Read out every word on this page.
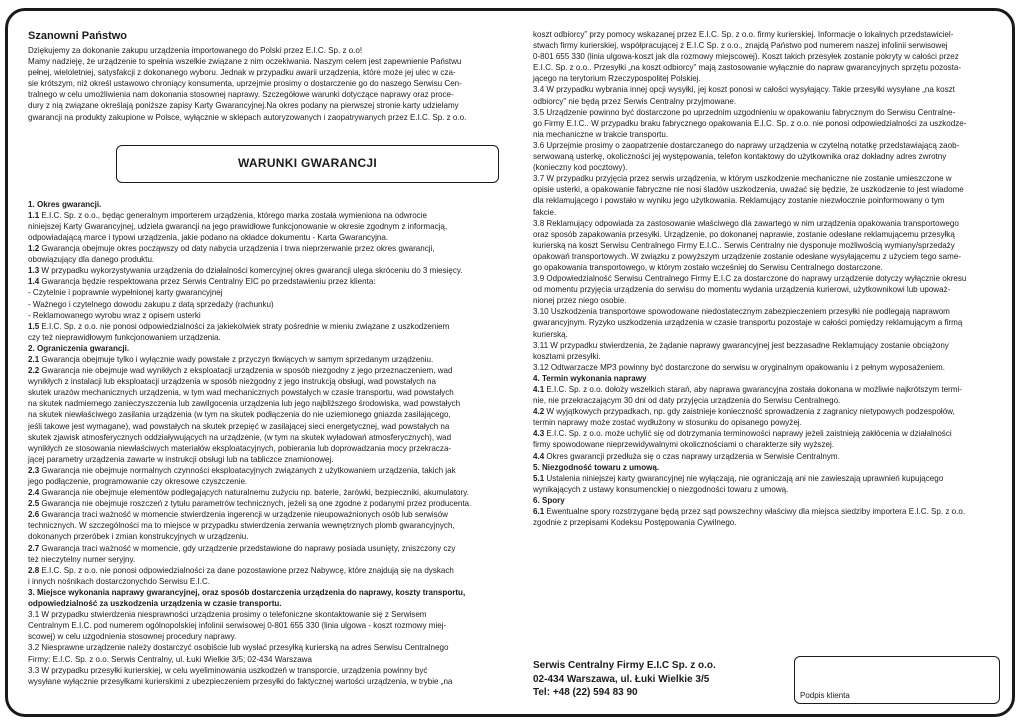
Szanowni Państwo

Dziękujemy za dokonanie zakupu urządzenia importowanego do Polski przez E.I.C. Sp. z o.o!
Mamy nadzieję, że urządzenie to spełnia wszelkie związane z nim oczekiwania. Naszym celem jest zapewnienie Państwu
pełnej, wieloletniej, satysfakcji z dokonanego wyboru. Jednak w przypadku awarii urządzenia, które może jej ulec w cza-
sie krótszym, niż określ ustawowo chroniący konsumenta, uprzejmie prosimy o dostarczenie go do naszego Serwisu Cen-
tralnego w celu umożliwienia nam dokonania stosownej naprawy. Szczegółowe warunki dotyczące naprawy oraz proce-
dury z nią związane określają poniższe zapisy Karty Gwarancyjnej.Na okres podany na pierwszej stronie karty udzielamy
gwarancji na produkty zakupione w Polsce, wyłącznie w sklepach autoryzowanych i zaopatrywanych przez E.I.C. Sp. z o.o.

WARUNKI GWARANCJI

1. Okres gwarancji.

1.1 E.I.C. Sp. z o.o., będąc generalnym importerem urządzenia, którego marka została wymieniona na odwrocie
niniejszej Karty Gwarancyjnej, udziela gwarancji na jego prawidłowe funkcjonowanie w okresie zgodnym z informacją,
odpowiadającą marce i typowi urządzenia, jakie podano na okładce dokumentu - Karta Gwarancyjna.

1.2 Gwarancja obejmuje okres począwszy od daty nabycia urządzenia i trwa nieprzerwanie przez okres gwarancji,
obowiązujący dla danego produktu.

1.3 W przypadku wykorzystywania urządzenia do działalności komercyjnej okres gwarancji ulega skróceniu do 3 miesięcy.

1.4 Gwarancja będzie respektowana przez Serwis Centralny EIC po przedstawieniu przez klienta:
- Czytelnie i poprawnie wypełnionej karty gwarancyjnej
- Ważnego i czytelnego dowodu zakupu z datą sprzedaży (rachunku)
- Reklamowanego wyrobu wraz z opisem usterki

1.5 E.I.C. Sp. z o.o. nie ponosi odpowiedzialności za jakiekolwiek straty pośrednie w mieniu związane z uszkodzeniem
czy też nieprawidłowym funkcjonowaniem urządzenia.

2. Ograniczenia gwarancji.

2.1 Gwarancja obejmuje tylko i wyłącznie wady powstałe z przyczyn tkwiących w samym sprzedanym urządzeniu.

2.2 Gwarancja nie obejmuje wad wynikłych z eksploatacji urządzenia w sposób niezgodny z jego przeznaczeniem, wad
wynikłych z instalacji lub eksploatacji urządzenia w sposób niezgodny z jego instrukcją obsługi, wad powstałych na
skutek urazów mechanicznych urządzenia, w tym wad mechanicznych powstałych w czasie transportu, wad powstałych
na skutek nadmiernego zanieczyszczenia lub zawilgocenia urządzenia lub jego najbliższego środowiska, wad powstałych
na skutek niewłaściwego zasilania urządzenia (w tym na skutek podłączenia do nie uziemionego gniazda zasilającego,
jeśli takowe jest wymagane), wad powstałych na skutek przepięć w zasilającej sieci energetycznej, wad powstałych na
skutek zjawisk atmosferycznych oddziaływujących na urządzenie, (w tym na skutek wyładowań atmosferycznych), wad
wynikłych ze stosowania niewłaściwych materiałów eksploatacyjnych, pobierania lub doprowadzania mocy przekracza-
jącej parametry urządzenia zawarte w instrukcji obsługi lub na tabliczce znamionowej.

2.3 Gwarancja nie obejmuje normalnych czynności eksploatacyjnych związanych z użytkowaniem urządzenia, takich jak
jego podłączenie, programowanie czy okresowe czyszczenie.

2.4 Gwarancja nie obejmuje elementów podlegających naturalnemu zużyciu np. baterie, żarówki, bezpieczniki, akumulatory.

2.5 Gwarancja nie obejmuje roszczeń z tytułu parametrów technicznych, jeżeli są one zgodne z podanymi przez producenta.

2.6 Gwarancja traci ważność w momencie stwierdzenia ingerencji w urządzenie nieupoważnionych osób lub serwisów
technicznych. W szczególności ma to miejsce w przypadku stwierdzenia zerwania wewnętrznych plomb gwarancyjnych,
dokonanych przeróbek i zmian konstrukcyjnych w urządzeniu.

2.7 Gwarancja traci ważność w momencie, gdy urządzenie przedstawione do naprawy posiada usunięty, zniszczony czy
też nieczytelny numer seryjny.

2.8 E.I.C. Sp. z o.o. nie ponosi odpowiedzialności za dane pozostawione przez Nabywcę, które znajdują się na dyskach
i innych nośnikach dostarczonychdo Serwisu E.I.C.

3. Miejsce wykonania naprawy gwarancyjnej, oraz sposób dostarczenia urządzenia do naprawy, koszty transportu,
odpowiedzialność za uszkodzenia urządzenia w czasie transportu.

3.1 W przypadku stwierdzenia niesprawności urządzenia prosimy o telefoniczne skontaktowanie się z Serwisem
Centralnym E.I.C. pod numerem ogólnopolskiej infolinii serwisowej 0-801 655 330 (linia ulgowa - koszt rozmowy miej-
scowej) w celu uzgodnienia stosownej procedury naprawy.

3.2 Niesprawne urządzenie należy dostarczyć osobiście lub wysłać przesyłką kurierską na adres Serwisu Centralnego
Firmy: E.I.C. Sp. z o.o. Serwis Centralny, ul. Łuki Wielkie 3/5; 02-434 Warszawa

3.3 W przypadku przesyłki kurierskiej, w celu wyeliminowania uszkodzeń w transporcie, urządzenia powinny być
wysyłane wyłącznie przesyłkami kurierskimi z ubezpieczeniem przesyłki do faktycznej wartości urządzenia, w trybie „na

koszt odbiorcy” przy pomocy wskazanej przez E.I.C. Sp. z o.o. firmy kurierskiej. Informacje o lokalnych przedstawiciel-
stwach firmy kurierskiej, współpracującej z E.I.C Sp. z o.o., znajdą Państwo pod numerem naszej infolinii serwisowej
0-801 655 330 (linia ulgowa-koszt jak dla rozmowy miejscowej). Koszt takich przesyłek zostanie pokryty w całości przez
E.I.C. Sp. z o.o.. Przesyłki „na koszt odbiorcy” mają zastosowanie wyłącznie do napraw gwarancyjnych sprzętu pozosta-
jącego na terytorium Rzeczypospolitej Polskiej.

3.4 W przypadku wybrania innej opcji wysyłki, jej koszt ponosi w całości wysyłający. Takie przesyłki wysyłane „na koszt
odbiorcy” nie będą przez Serwis Centralny przyjmowane.

3.5 Urządzenie powinno być dostarczone po uprzednim uzgodnieniu w opakowaniu fabrycznym do Serwisu Centralne-
go Firmy E.I.C.. W przypadku braku fabrycznego opakowania E.I.C. Sp. z o.o. nie ponosi odpowiedzialności za uszkodze-
nia mechaniczne w trakcie transportu.

3.6 Uprzejmie prosimy o zaopatrzenie dostarczanego do naprawy urządzenia w czytelną notatkę przedstawiającą zaob-
serwowaną usterkę, okoliczności jej występowania, telefon kontaktowy do użytkownika oraz dokładny adres zwrotny
(konieczny kod pocztowy).

3.7 W przypadku przyjęcia przez serwis urządzenia, w którym uszkodzenie mechaniczne nie zostanie umieszczone w
opisie usterki, a opakowanie fabryczne nie nosi śladów uszkodzenia, uważać się będzie, że uszkodzenie to jest wiadome
dla reklamującego i powstało w wyniku jego użytkowania. Reklamujący zostanie niezwłocznie poinformowany o tym
fakcie.

3.8 Reklamujący odpowiada za zastosowanie właściwego dla zawartego w nim urządzenia opakowania transportowego
oraz sposób zapakowania przesyłki. Urządzenie, po dokonanej naprawie, zostanie odesłane reklamującemu przesyłką
kurierską na koszt Serwisu Centralnego Firmy E.I.C.. Serwis Centralny nie dysponuje możliwością wymiany/sprzedaży
opakowań transportowych. W związku z powyższym urządzenie zostanie odesłane wysyłającemu z użyciem tego same-
go opakowania transportowego, w którym zostało wcześniej do Serwisu Centralnego dostarczone.

3.9 Odpowiedzialność Serwisu Centralnego Firmy E.I.C za dostarczone do naprawy urządzenie dotyczy wyłącznie okresu
od momentu przyjęcia urządzenia do serwisu do momentu wydania urządzenia kurierowi, użytkownikowi lub upoważ-
nionej przez niego osobie.

3.10 Uszkodzenia transportowe spowodowane niedostatecznym zabezpieczeniem przesyłki nie podlegają naprawom
gwarancyjnym. Ryzyko uszkodzenia urządzenia w czasie transportu pozostaje w całości pomiędzy reklamującym a firmą
kurierską.

3.11 W przypadku stwierdzenia, że żądanie naprawy gwarancyjnej jest bezzasadne Reklamujący zostanie obciążony
kosztami przesyłki.

3.12 Odtwarzacze MP3 powinny być dostarczone do serwisu w oryginalnym opakowaniu i z pełnym wyposażeniem.

4. Termin wykonania naprawy

4.1 E.I.C. Sp. z o.o. dołoży wszelkich starań, aby naprawa gwarancyjna została dokonana w możliwie najkrótszym termi-
nie, nie przekraczającym 30 dni od daty przyjęcia urządzenia do Serwisu Centralnego.

4.2 W wyjątkowych przypadkach, np. gdy zaistnieje konieczność sprowadzenia z zagranicy nietypowych podzespołów,
termin naprawy może zostać wydłużony w stosunku do opisanego powyżej.

4.3 E.I.C. Sp. z o.o. może uchylić się od dotrzymania terminowości naprawy jeżeli zaistnieją zakłócenia w działalności
firmy spowodowane nieprzewidywalnymi okolicznościami o charakterze siły wyższej.

4.4 Okres gwarancji przedłuża się o czas naprawy urządzenia w Serwisie Centralnym.

5. Niezgodność towaru z umową.

5.1 Ustalenia niniejszej karty gwarancyjnej nie wyłączają, nie ograniczają ani nie zawieszają uprawnień kupującego
wynikających z ustawy konsumenckiej o niezgodności towaru z umową.

6. Spory

6.1 Ewentualne spory rozstrzygane będą przez sąd powszechny właściwy dla miejsca siedziby importera E.I.C. Sp. z o.o.
zgodnie z przepisami Kodeksu Postępowania Cywilnego.

Serwis Centralny Firmy E.I.C Sp. z o.o.
02-434 Warszawa, ul. Łuki Wielkie 3/5
Tel: +48 (22) 594 83 90	Podpis klienta
